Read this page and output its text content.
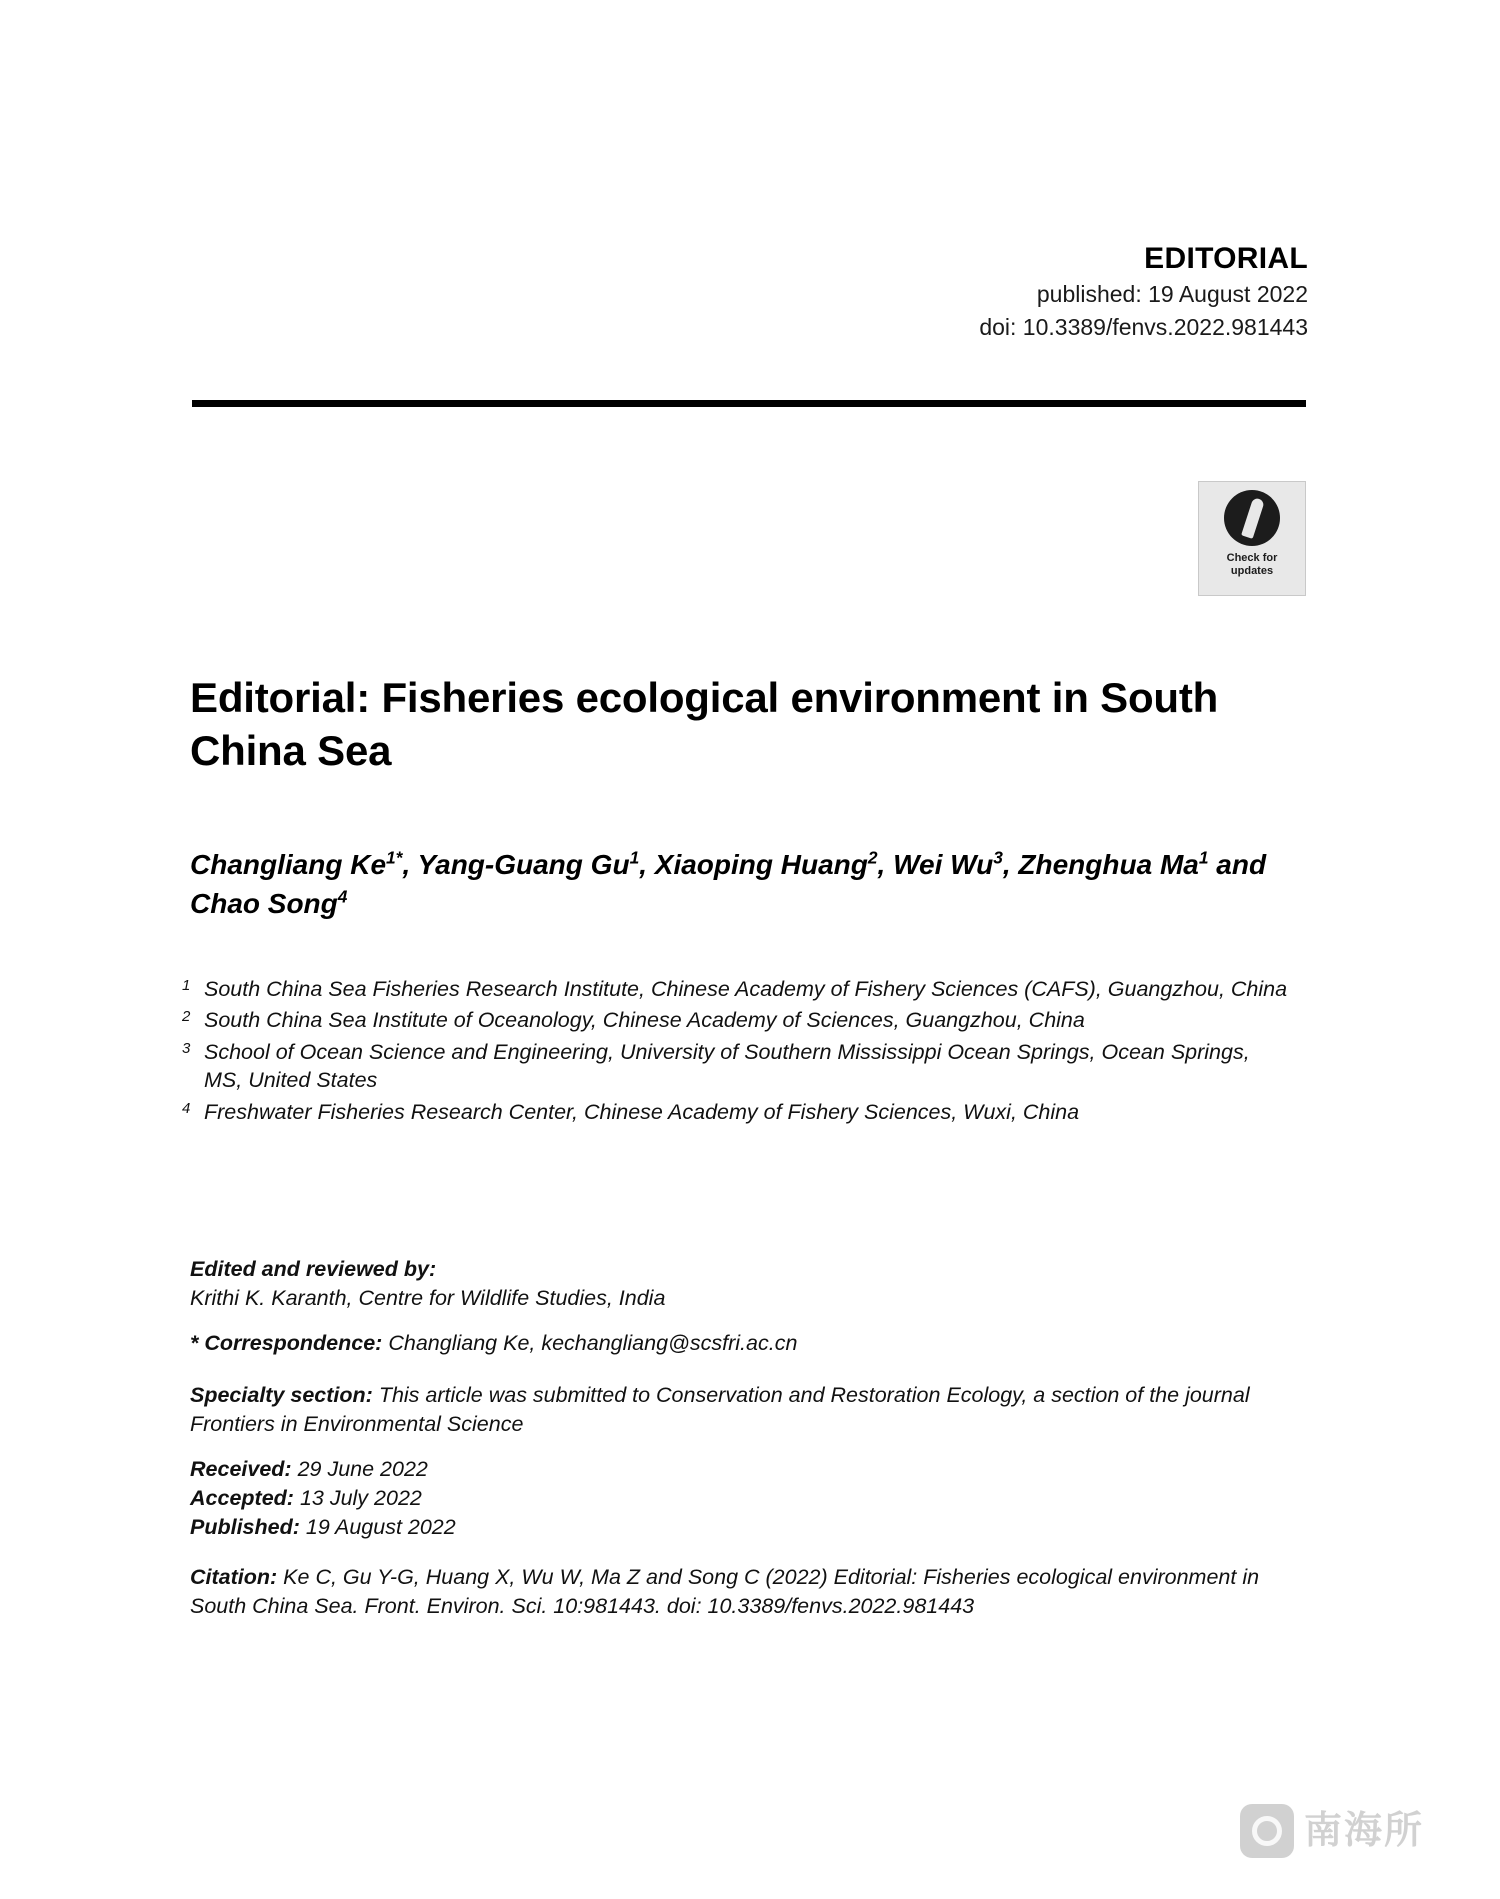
EDITORIAL
published: 19 August 2022
doi: 10.3389/fenvs.2022.981443
Check for
updates
Editorial: Fisheries ecological environment in South China Sea
Changliang $Ke^{1*}$, Yang-Guang Gu$^1$, Xiaoping Huang$^2$, Wei Wu$^3$, Zhenghua Ma$^1$ and Chao Song$^4$
1 South China Sea Fisheries Research Institute, Chinese Academy of Fishery Sciences (CAFS), Guangzhou, China
2 South China Sea Institute of Oceanology, Chinese Academy of Sciences, Guangzhou, China
3 School of Ocean Science and Engineering, University of Southern Mississippi Ocean Springs, Ocean Springs, MS, United States
4 Freshwater Fisheries Research Center, Chinese Academy of Fishery Sciences, Wuxi, China
Edited and reviewed by:
Krithi K. Karanth, Centre for Wildlife Studies, India
* Correspondence: Changliang Ke, kechangliang@scsfri.ac.cn
Specialty section: This article was submitted to Conservation and Restoration Ecology, a section of the journal Frontiers in Environmental Science
Received: 29 June 2022
Accepted: 13 July 2022
Published: 19 August 2022
Citation: Ke C, Gu Y-G, Huang X, Wu W, Ma Z and Song C (2022) Editorial: Fisheries ecological environment in South China Sea. Front. Environ. Sci. 10:981443. doi: 10.3389/fenvs.2022.981443
南海所
